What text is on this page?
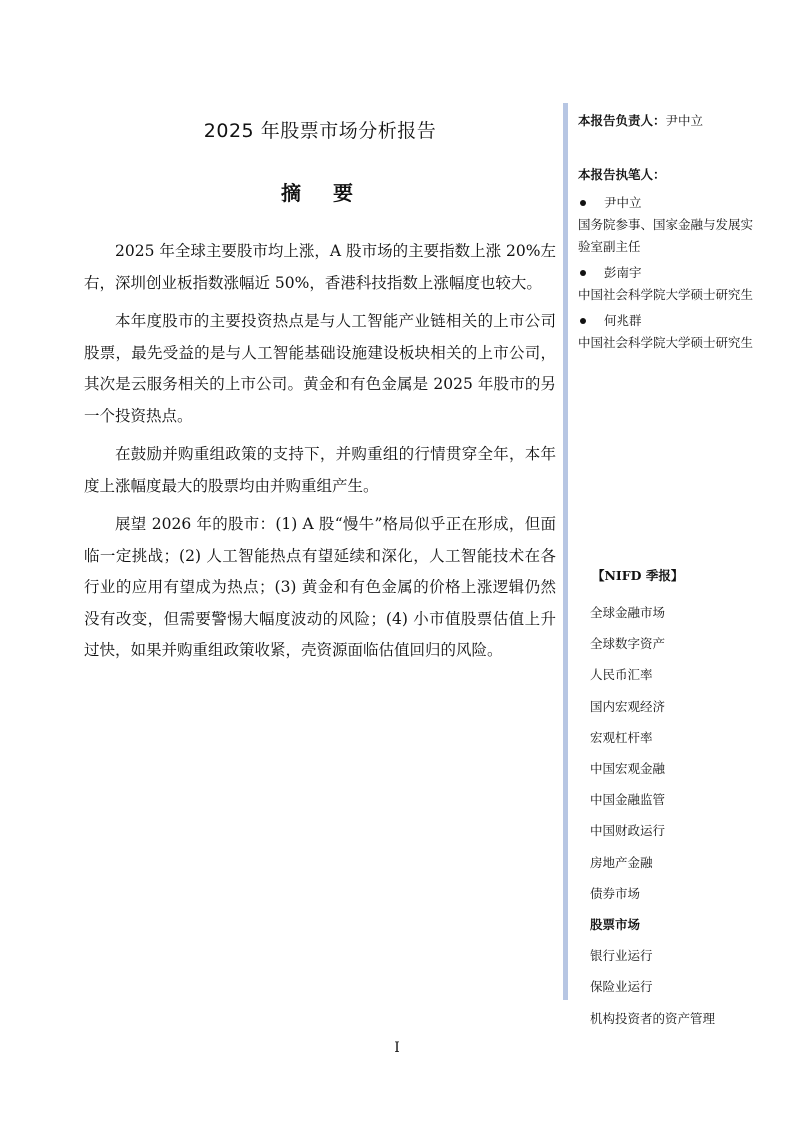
2025 年股票市场分析报告
摘　要

2025 年全球主要股市均上涨，A 股市场的主要指数上涨 20%左右，深圳创业板指数涨幅近 50%，香港科技指数上涨幅度也较大。

本年度股市的主要投资热点是与人工智能产业链相关的上市公司股票，最先受益的是与人工智能基础设施建设板块相关的上市公司，其次是云服务相关的上市公司。黄金和有色金属是 2025 年股市的另一个投资热点。

在鼓励并购重组政策的支持下，并购重组的行情贯穿全年，本年度上涨幅度最大的股票均由并购重组产生。

展望 2026 年的股市：(1) A 股“慢牛”格局似乎正在形成，但面临一定挑战；(2) 人工智能热点有望延续和深化，人工智能技术在各行业的应用有望成为热点；(3) 黄金和有色金属的价格上涨逻辑仍然没有改变，但需要警惕大幅度波动的风险；(4) 小市值股票估值上升过快，如果并购重组政策收紧，壳资源面临估值回归的风险。

本报告负责人：尹中立
本报告执笔人：
尹中立
国务院参事、国家金融与发展实验室副主任
彭南宇
中国社会科学院大学硕士研究生
何兆群
中国社会科学院大学硕士研究生
【NIFD 季报】
全球金融市场
全球数字资产
人民币汇率
国内宏观经济
宏观杠杆率
中国宏观金融
中国金融监管
中国财政运行
房地产金融
债券市场
股票市场
银行业运行
保险业运行
机构投资者的资产管理
I
